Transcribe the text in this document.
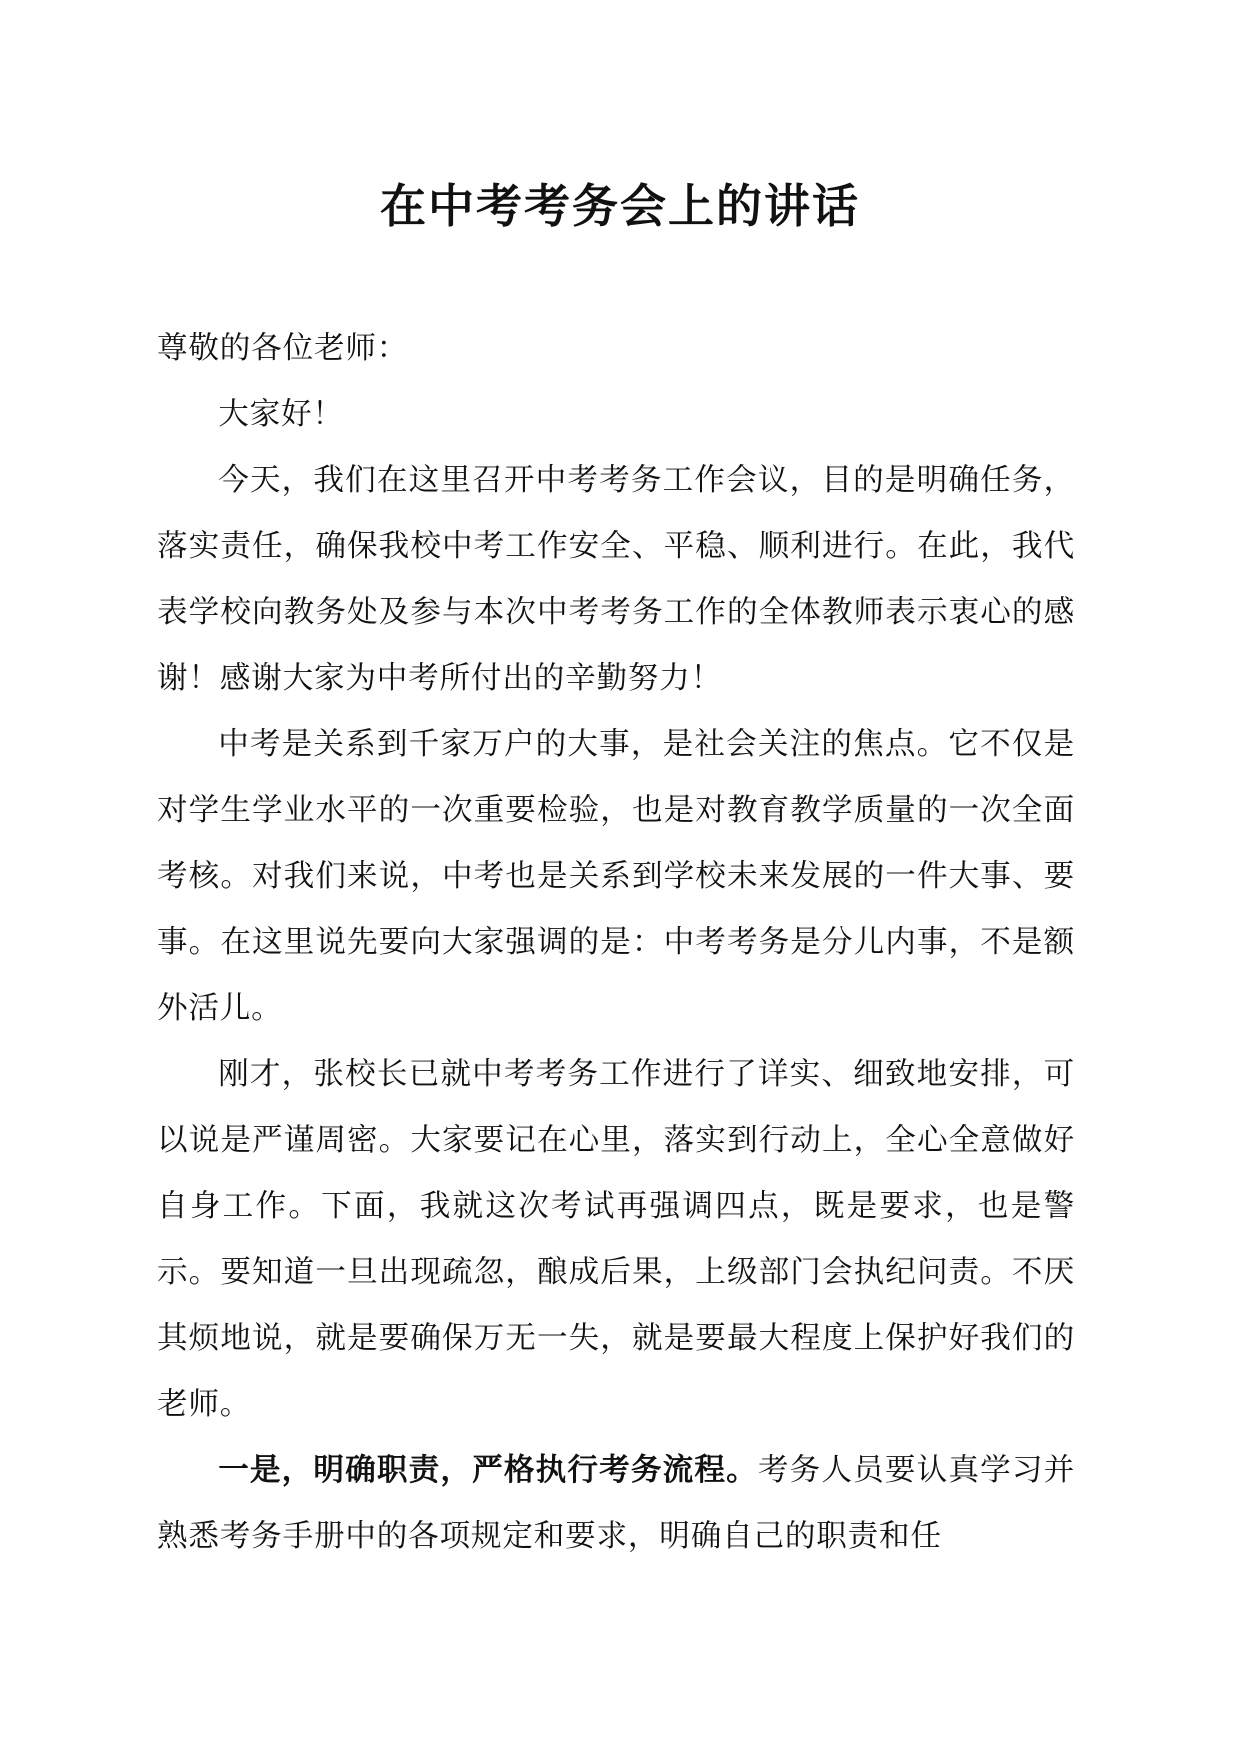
在中考考务会上的讲话

尊敬的各位老师：

大家好！

今天，我们在这里召开中考考务工作会议，目的是明确任务，落实责任，确保我校中考工作安全、平稳、顺利进行。在此，我代表学校向教务处及参与本次中考考务工作的全体教师表示衷心的感谢！感谢大家为中考所付出的辛勤努力！

中考是关系到千家万户的大事，是社会关注的焦点。它不仅是对学生学业水平的一次重要检验，也是对教育教学质量的一次全面考核。对我们来说，中考也是关系到学校未来发展的一件大事、要事。在这里说先要向大家强调的是：中考考务是分儿内事，不是额外活儿。

刚才，张校长已就中考考务工作进行了详实、细致地安排，可以说是严谨周密。大家要记在心里，落实到行动上，全心全意做好自身工作。下面，我就这次考试再强调四点，既是要求，也是警示。要知道一旦出现疏忽，酿成后果，上级部门会执纪问责。不厌其烦地说，就是要确保万无一失，就是要最大程度上保护好我们的老师。

一是，明确职责，严格执行考务流程。考务人员要认真学习并熟悉考务手册中的各项规定和要求，明确自己的职责和任
